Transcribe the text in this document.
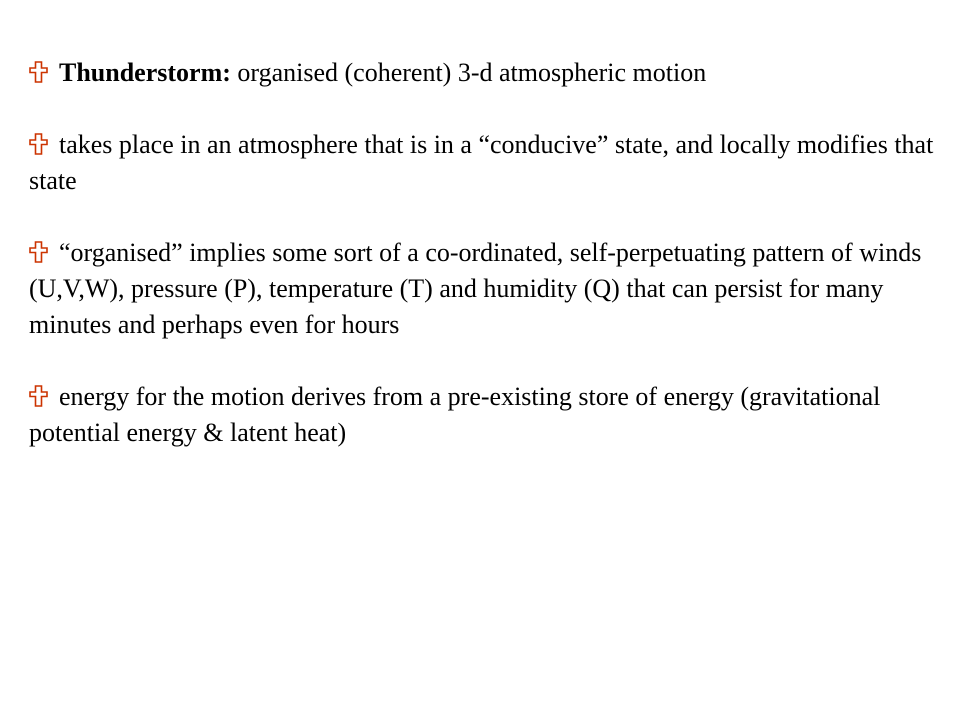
Thunderstorm: organised (coherent) 3-d atmospheric motion
takes place in an atmosphere that is in a “conducive” state, and locally modifies that state
“organised” implies some sort of a co-ordinated, self-perpetuating pattern of winds (U,V,W), pressure (P), temperature (T) and humidity (Q) that can persist for many minutes and perhaps even for hours
energy for the motion derives from a pre-existing store of energy (gravitational potential energy & latent heat)
